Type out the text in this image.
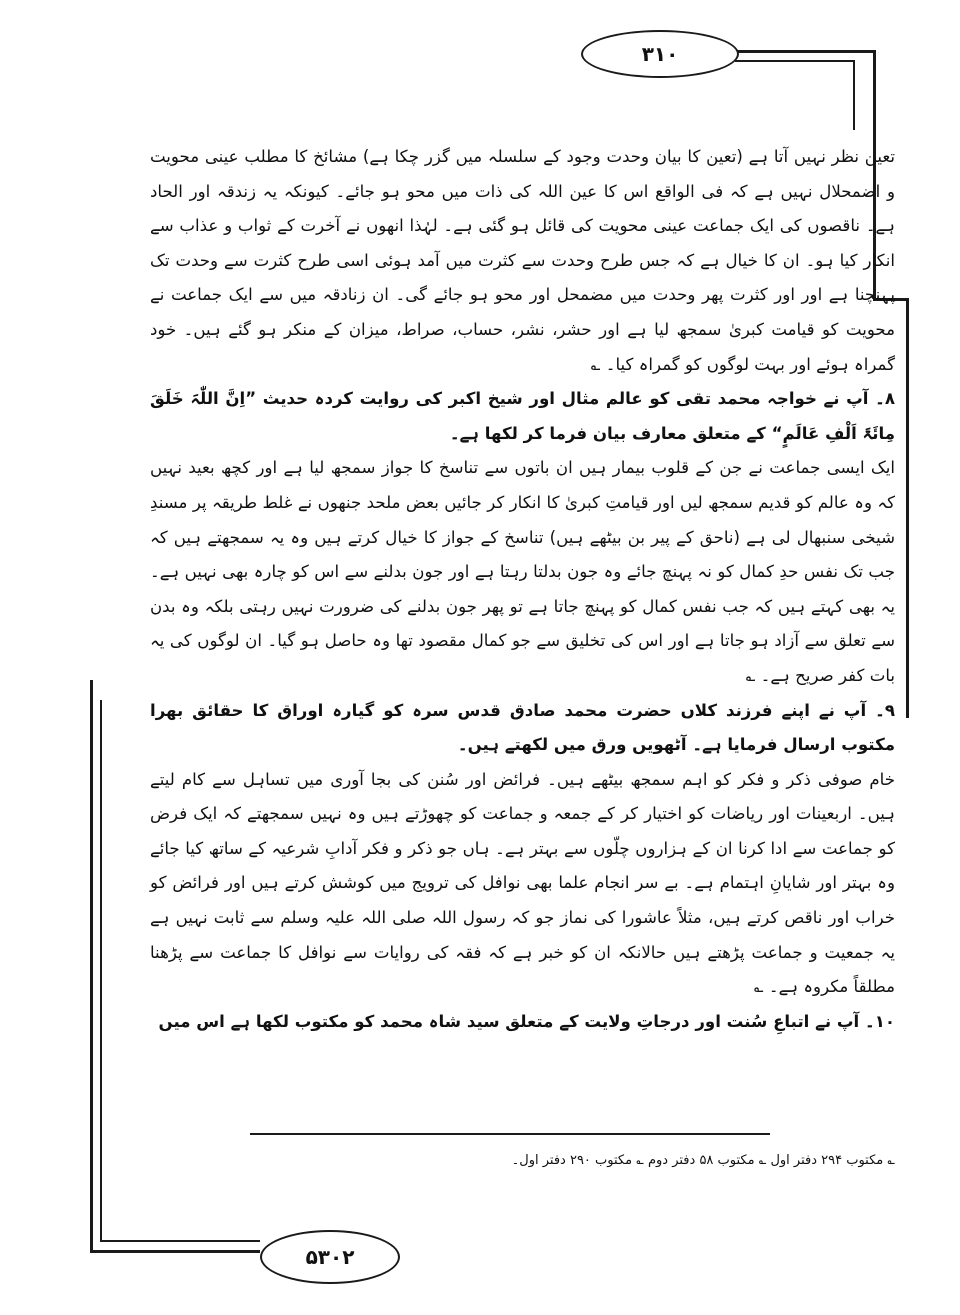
۳۱۰
۵۳۰۲

تعین نظر نہیں آتا ہے (تعین کا بیان وحدت وجود کے سلسلہ میں گزر چکا ہے) مشائخ کا مطلب عینی محویت و اضمحلال نہیں ہے کہ فی الواقع اس کا عین اللہ کی ذات میں محو ہو جائے۔ کیونکہ یہ زندقہ اور الحاد ہے۔ ناقصوں کی ایک جماعت عینی محویت کی قائل ہو گئی ہے۔ لہٰذا انھوں نے آخرت کے ثواب و عذاب سے انکار کیا ہو۔ ان کا خیال ہے کہ جس طرح وحدت سے کثرت میں آمد ہوئی اسی طرح کثرت سے وحدت تک پہنچنا ہے اور اور کثرت پھر وحدت میں مضمحل اور محو ہو جائے گی۔ ان زنادقہ میں سے ایک جماعت نے محویت کو قیامت کبریٰ سمجھ لیا ہے اور حشر، نشر، حساب، صراط، میزان کے منکر ہو گئے ہیں۔ خود گمراہ ہوئے اور بہت لوگوں کو گمراہ کیا۔ ؎

۸۔ آپ نے خواجہ محمد تقی کو عالم مثال اور شیخ اکبر کی روایت کردہ حدیث ”اِنَّ اللّٰہَ خَلَقَ مِائَۃَ اَلْفِ عَالَمٍ“ کے متعلق معارف بیان فرما کر لکھا ہے۔

ایک ایسی جماعت نے جن کے قلوب بیمار ہیں ان باتوں سے تناسخ کا جواز سمجھ لیا ہے اور کچھ بعید نہیں کہ وہ عالم کو قدیم سمجھ لیں اور قیامتِ کبریٰ کا انکار کر جائیں بعض ملحد جنھوں نے غلط طریقہ پر مسندِ شیخی سنبھال لی ہے (ناحق کے پیر بن بیٹھے ہیں) تناسخ کے جواز کا خیال کرتے ہیں وہ یہ سمجھتے ہیں کہ جب تک نفس حدِ کمال کو نہ پہنچ جائے وہ جون بدلتا رہتا ہے اور جون بدلنے سے اس کو چارہ بھی نہیں ہے۔ یہ بھی کہتے ہیں کہ جب نفس کمال کو پہنچ جاتا ہے تو پھر جون بدلنے کی ضرورت نہیں رہتی بلکہ وہ بدن سے تعلق سے آزاد ہو جاتا ہے اور اس کی تخلیق سے جو کمال مقصود تھا وہ حاصل ہو گیا۔ ان لوگوں کی یہ بات کفر صریح ہے۔ ؎

۹۔ آپ نے اپنے فرزند کلاں حضرت محمد صادق قدس سرہ کو گیارہ اوراق کا حقائق بھرا مکتوب ارسال فرمایا ہے۔ آٹھویں ورق میں لکھتے ہیں۔

خام صوفی ذکر و فکر کو اہم سمجھ بیٹھے ہیں۔ فرائض اور سُنن کی بجا آوری میں تساہل سے کام لیتے ہیں۔ اربعینات اور ریاضات کو اختیار کر کے جمعہ و جماعت کو چھوڑتے ہیں وہ نہیں سمجھتے کہ ایک فرض کو جماعت سے ادا کرنا ان کے ہزاروں چلّوں سے بہتر ہے۔ ہاں جو ذکر و فکر آدابِ شرعیہ کے ساتھ کیا جائے وہ بہتر اور شایانِ اہتمام ہے۔ بے سر انجام علما بھی نوافل کی ترویج میں کوشش کرتے ہیں اور فرائض کو خراب اور ناقص کرتے ہیں، مثلاً عاشورا کی نماز جو کہ رسول اللہ صلی اللہ علیہ وسلم سے ثابت نہیں ہے یہ جمعیت و جماعت پڑھتے ہیں حالانکہ ان کو خبر ہے کہ فقہ کی روایات سے نوافل کا جماعت سے پڑھنا مطلقاً مکروہ ہے۔ ؎

۱۰۔ آپ نے اتباعِ سُنت اور درجاتِ ولایت کے متعلق سید شاہ محمد کو مکتوب لکھا ہے اس میں

؎ مکتوب ۲۹۴ دفتر اول ؎ مکتوب ۵۸ دفتر دوم ؎ مکتوب ۲۹۰ دفتر اول۔
